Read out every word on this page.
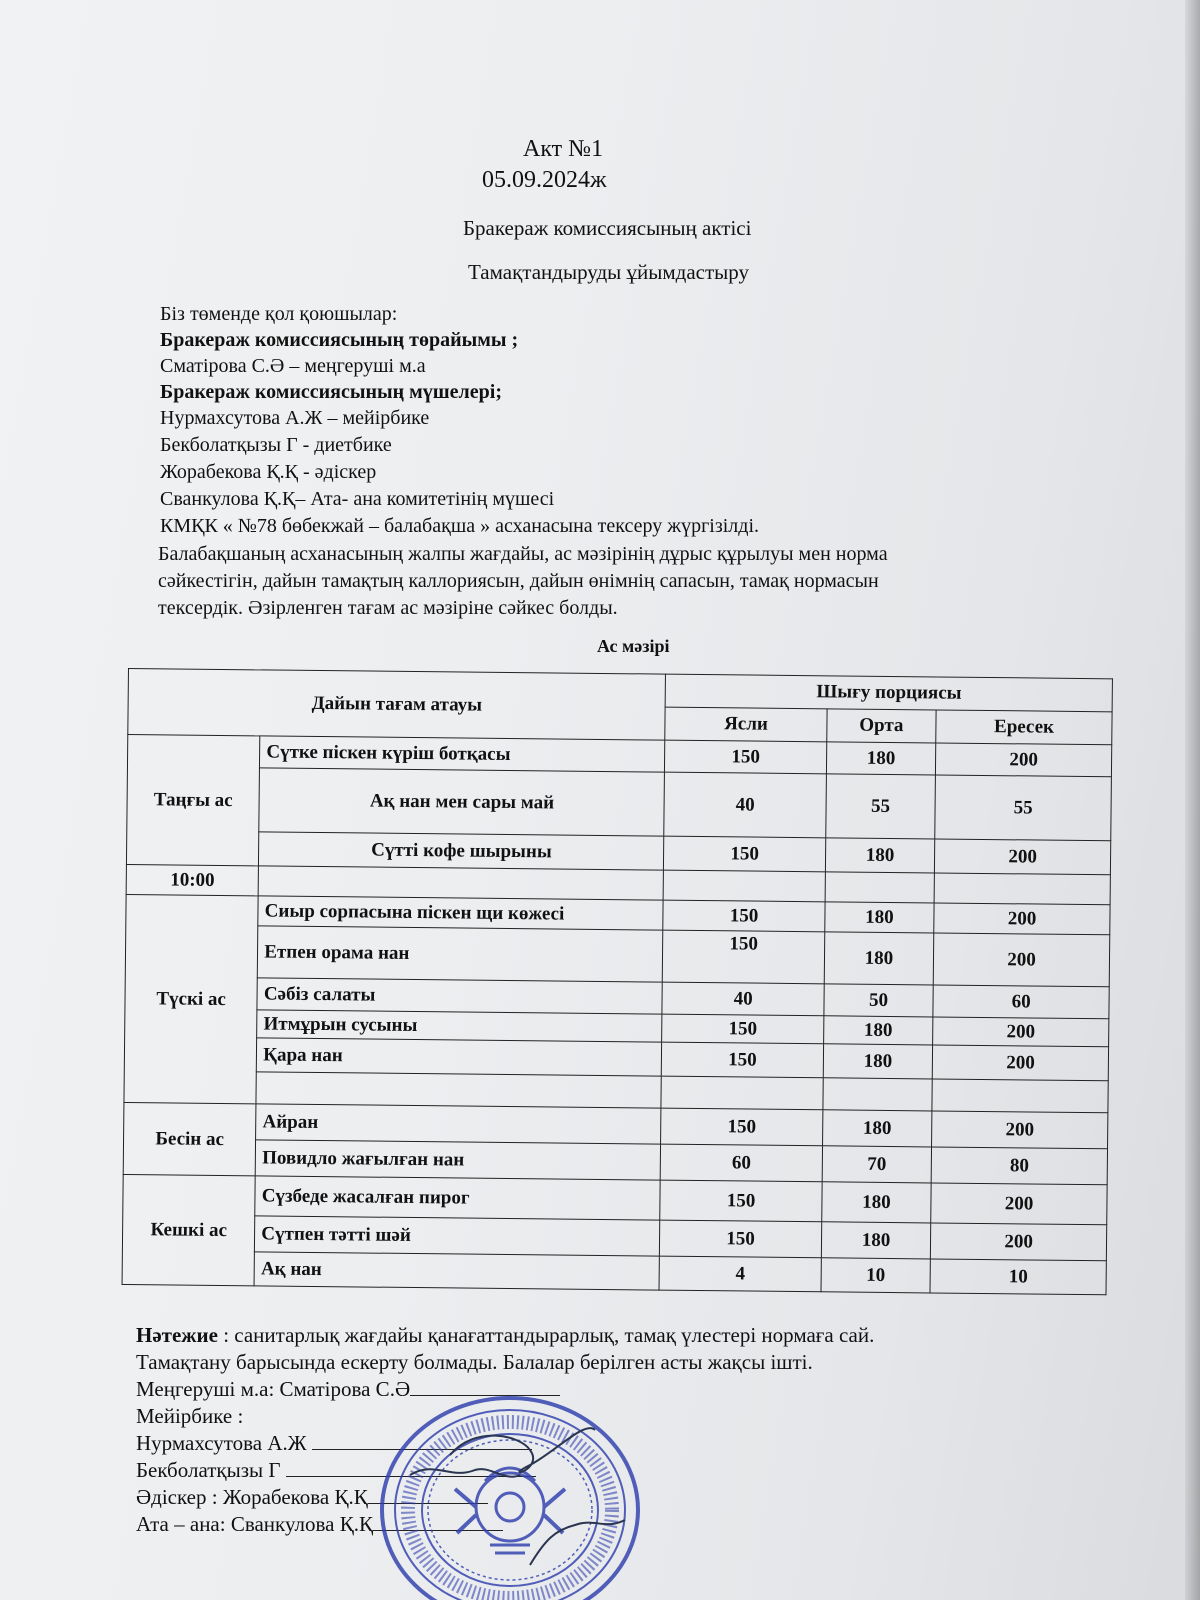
Акт №1
05.09.2024ж
Бракераж комиссиясының актісі
Тамақтандыруды ұйымдастыру
Біз төменде қол қоюшылар:
Бракераж комиссиясының төрайымы ;
Сматірова С.Ә – меңгеруші м.а
Бракераж комиссиясының мүшелері;
Нурмахсутова А.Ж – мейірбике
Бекболатқызы Г - диетбике
Жорабекова Қ.Қ - әдіскер
Сванкулова Қ.Қ– Ата- ана комитетінің мүшесі
КМҚК « №78 бөбекжай – балабақша » асханасына тексеру жүргізілді.
Балабақшаның асханасының жалпы жағдайы, ас мәзірінің дұрыс құрылуы мен норма
сәйкестігін, дайын тамақтың каллориясын, дайын өнімнің сапасын, тамақ нормасын
тексердік. Әзірленген тағам ас мәзіріне сәйкес болды.
Ас мәзірі
Дайын тағам атауы		Шығу порциясы		
		Ясли	Орта	Ересек
Таңғы ас	Сүтке піскен күріш ботқасы	150	180	200
	Ақ нан мен сары май	40	55	55
	Сүтті кофе шырыны	150	180	200
10:00				
Түскі ас	Сиыр сорпасына піскен щи көжесі	150	180	200
	Етпен орама нан	150	180	200
	Сәбіз салаты	40	50	60
	Итмұрын сусыны	150	180	200
	Қара нан	150	180	200

Бесін ас	Айран	150	180	200
	Повидло жағылған нан	60	70	80
Кешкі ас	Сүзбеде жасалған пирог	150	180	200
	Сүтпен тәтті шәй	150	180	200
	Ақ нан	4	10	10
Нәтежие : санитарлық жағдайы қанағаттандырарлық, тамақ үлестері нормаға сай.
Тамақтану барысында ескерту болмады. Балалар берілген асты жақсы ішті.
Меңгеруші м.а: Сматірова С.Ә
Мейірбике :
Нурмахсутова А.Ж
Бекболатқызы Г
Әдіскер : Жорабекова Қ.Қ
Ата – ана: Сванкулова Қ.Қ
